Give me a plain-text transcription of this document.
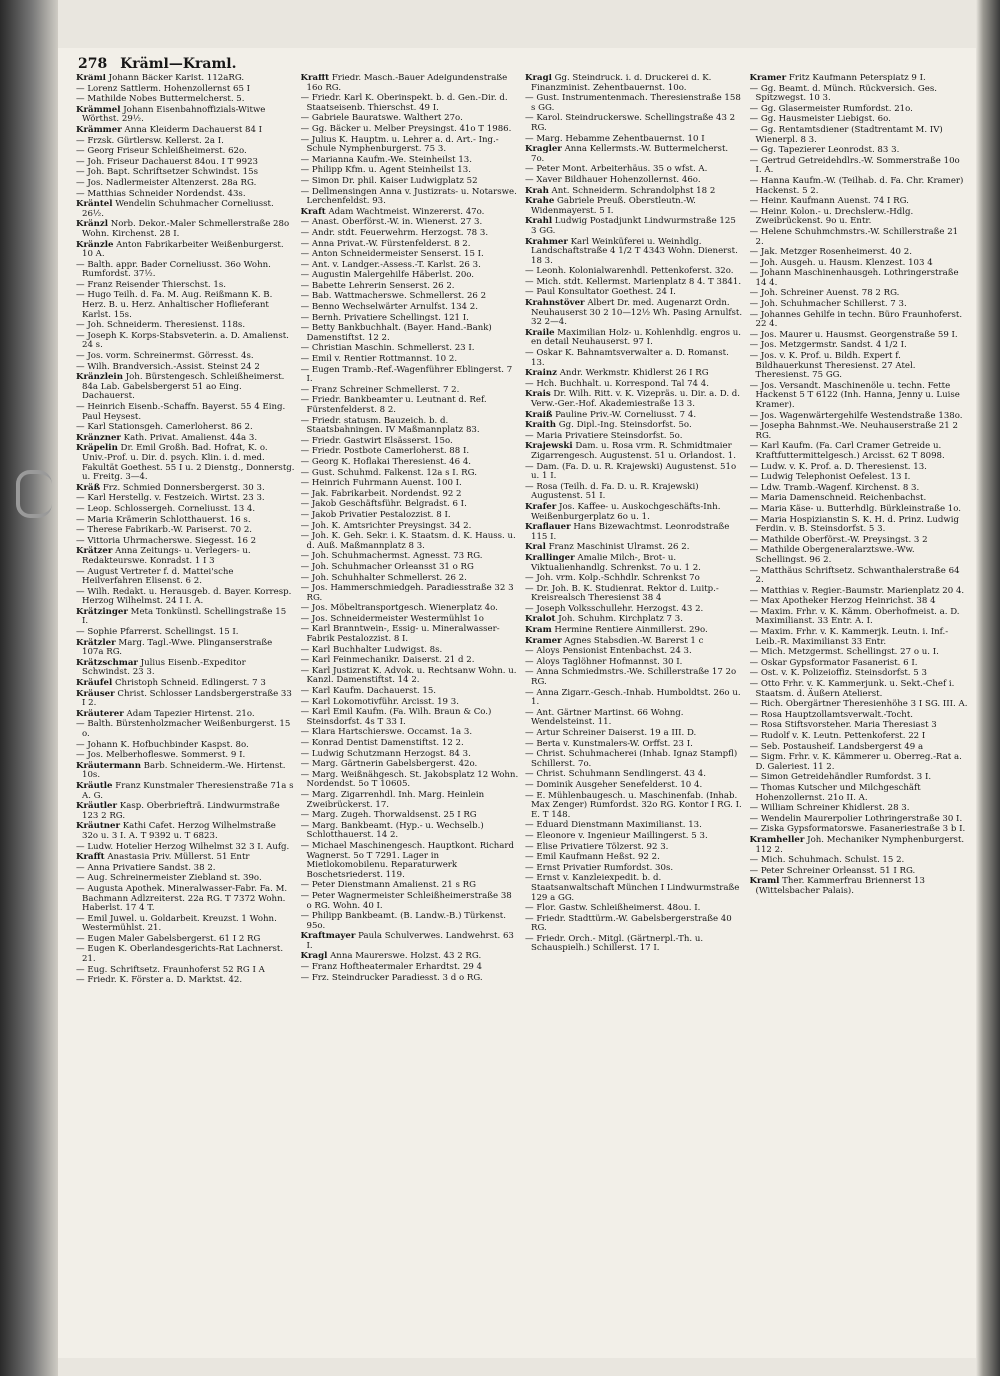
278 Kräml—Kraml.

Kräml Johann Bäcker Karlst. 112aRG.

— Lorenz Sattlerm. Hohenzollernst 65 I

— Mathilde Nobes Buttermelcherst. 5.

Krämmel Johann Eisenbahnoffizials-Witwe Wörthst. 29½.

Krämmer Anna Kleiderm Dachauerst 84 I

— Frzsk. Gürtlersw. Kellerst. 2a I.

— Georg Friseur Schleißheimerst. 62o.

— Joh. Friseur Dachauerst 84ou. I T 9923

— Joh. Bapt. Schriftsetzer Schwindst. 15s

— Jos. Nadlermeister Altenzerst. 28a RG.

— Matthias Schneider Nordendst. 43s.

Kräntel Wendelin Schuhmacher Corneliusst. 26½.

Kränzl Norb. Dekor.-Maler Schmellerstraße 28o Wohn. Kirchenst. 28 I.

Kränzle Anton Fabrikarbeiter Weißenburgerst. 10 A.

— Balth. appr. Bader Corneliusst. 36o Wohn. Rumfordst. 37½.

— Franz Reisender Thierschst. 1s.

— Hugo Teilh. d. Fa. M. Aug. Reißmann K. B. Herz. B. u. Herz. Anhaltischer Hoflieferant Karlst. 15s.

— Joh. Schneiderm. Theresienst. 118s.

— Joseph K. Korps-Stabsveterin. a. D. Amalienst. 24 s.

— Jos. vorm. Schreinermst. Görresst. 4s.

— Wilh. Brandversich.-Assist. Steinst 24 2

Kränzlein Joh. Bürstengesch. Schleißheimerst. 84a Lab. Gabelsbergerst 51 ao Eing. Dachauerst.

— Heinrich Eisenb.-Schaffn. Bayerst. 55 4 Eing. Paul Heysest.

— Karl Stationsgeh. Camerloherst. 86 2.

Kränzner Kath. Privat. Amalienst. 44a 3.

Kräpelin Dr. Emil Großh. Bad. Hofrat, K. o. Univ.-Prof. u. Dir. d. psych. Klin. i. d. med. Fakultät Goethest. 55 I u. 2 Dienstg., Donnerstg. u. Freitg. 3—4.

Kräß Frz. Schmied Donnersbergerst. 30 3.

— Karl Herstellg. v. Festzeich. Wirtst. 23 3.

— Leop. Schlossergeh. Corneliusst. 13 4.

— Maria Krämerin Schlotthauerst. 16 s.

— Therese Fabrikarb.-W. Pariserst. 70 2.

— Vittoria Uhrmacherswe. Siegesst. 16 2

Krätzer Anna Zeitungs- u. Verlegers- u. Redakteurswe. Konradst. 1 I 3

— August Vertreter f. d. Mattei'sche Heilverfahren Elisenst. 6 2.

— Wilh. Redakt. u. Herausgeb. d. Bayer. Korresp. Herzog Wilhelmst. 24 I I. A.

Krätzinger Meta Tonkünstl. Schellingstraße 15 I.

— Sophie Pfarrerst. Schellingst. 15 I.

Krätzler Marg. Tagl.-Wwe. Plinganserstraße 107a RG.

Krätzschmar Julius Eisenb.-Expeditor Schwindst. 23 3.

Kräufel Christoph Schneid. Edlingerst. 7 3

Kräuser Christ. Schlosser Landsbergerstraße 33 I 2.

Kräuterer Adam Tapezier Hirtenst. 21o.

— Balth. Bürstenholzmacher Weißenburgerst. 15 o.

— Johann K. Hofbuchbinder Kaspst. 8o.

— Jos. Melberhofleswe. Sommerst. 9 I.

Kräutermann Barb. Schneiderm.-We. Hirtenst. 10s.

Kräutle Franz Kunstmaler Theresienstraße 71a s A. G.

Kräutler Kasp. Oberbriefträ. Lindwurmstraße 123 2 RG.

Kräutner Kathi Cafet. Herzog Wilhelmstraße 32o u. 3 I. A. T 9392 u. T 6823.

— Ludw. Hotelier Herzog Wilhelmst 32 3 I. Aufg.

Krafft Anastasia Priv. Müllerst. 51 Entr

— Anna Privatiere Sandst. 38 2.

— Aug. Schreinermeister Ziebland st. 39o.

— Augusta Apothek. Mineralwasser-Fabr. Fa. M. Bachmann Adlzreiterst. 22a RG. T 7372 Wohn. Haberlst. 17 4 T.

— Emil Juwel. u. Goldarbeit. Kreuzst. 1 Wohn. Westermühlst. 21.

— Eugen Maler Gabelsbergerst. 61 I 2 RG

— Eugen K. Oberlandesgerichts-Rat Lachnerst. 21.

— Eug. Schriftsetz. Fraunhoferst 52 RG I A

— Friedr. K. Förster a. D. Marktst. 42.

Krafft Friedr. Masch.-Bauer Adelgundenstraße 16o RG.

— Friedr. Karl K. Oberinspekt. b. d. Gen.-Dir. d. Staatseisenb. Thierschst. 49 I.

— Gabriele Bauratswe. Walthert 27o.

— Gg. Bäcker u. Melber Preysingst. 41o T 1986.

— Julius K. Hauptm. u. Lehrer a. d. Art.- Ing.-Schule Nymphenburgerst. 75 3.

— Marianna Kaufm.-We. Steinheilst 13.

— Philipp Kfm. u. Agent Steinheilst 13.

— Simon Dr. phil. Kaiser Ludwigplatz 52

— Dellmensingen Anna v. Justizrats- u. Notarswe. Lerchenfeldst. 93.

Kraft Adam Wachtmeist. Winzererst. 47o.

— Anast. Oberförst.-W. in. Wienerst. 27 3.

— Andr. stdt. Feuerwehrm. Herzogst. 78 3.

— Anna Privat.-W. Fürstenfelderst. 8 2.

— Anton Schneidermeister Senserst. 15 I.

— Ant. v. Landger.-Assess.-T. Karlst. 26 3.

— Augustin Malergehilfe Häberlst. 20o.

— Babette Lehrerin Senserst. 26 2.

— Bab. Wattmacherswe. Schmellerst. 26 2

— Benno Wechselwärter Arnulfst. 134 2.

— Bernh. Privatiere Schellingst. 121 I.

— Betty Bankbuchhalt. (Bayer. Hand.-Bank) Damenstiftst. 12 2.

— Christian Maschin. Schmellerst. 23 I.

— Emil v. Rentier Rottmannst. 10 2.

— Eugen Tramb.-Ref.-Wagenführer Eblingerst. 7 I.

— Franz Schreiner Schmellerst. 7 2.

— Friedr. Bankbeamter u. Leutnant d. Ref. Fürstenfelderst. 8 2.

— Friedr. statusm. Bauzeich. b. d. Staatsbahningen. IV Maßmannplatz 83.

— Friedr. Gastwirt Elsässerst. 15o.

— Friedr. Postbote Camerloherst. 88 I.

— Georg K. Hoflakai Theresienst. 46 4.

— Gust. Schuhmd. Falkenst. 12a s I. RG.

— Heinrich Fuhrmann Auenst. 100 I.

— Jak. Fabrikarbeit. Nordendst. 92 2

— Jakob Geschäftsführ. Belgradst. 6 I.

— Jakob Privatier Pestalozzist. 8 I.

— Joh. K. Amtsrichter Preysingst. 34 2.

— Joh. K. Geh. Sekr. i. K. Staatsm. d. K. Hauss. u. d. Auß. Maßmannplatz 8 3.

— Joh. Schuhmachermst. Agnesst. 73 RG.

— Joh. Schuhmacher Orleansst 31 o RG

— Joh. Schuhhalter Schmellerst. 26 2.

— Jos. Hammerschmiedgeh. Paradiesstraße 32 3 RG.

— Jos. Möbeltransportgesch. Wienerplatz 4o.

— Jos. Schneidermeister Westermühlst 1o

— Karl Branntwein-, Essig- u. Mineralwasser-Fabrik Pestalozzist. 8 I.

— Karl Buchhalter Ludwigst. 8s.

— Karl Feinmechanikr. Daiserst. 21 d 2.

— Karl Justizrat K. Advok. u. Rechtsanw Wohn. u. Kanzl. Damenstiftst. 14 2.

— Karl Kaufm. Dachauerst. 15.

— Karl Lokomotivführ. Arcisst. 19 3.

— Karl Emil Kaufm. (Fa. Wilh. Braun & Co.) Steinsdorfst. 4s T 33 I.

— Klara Hartschierswe. Occamst. 1a 3.

— Konrad Dentist Damenstiftst. 12 2.

— Ludwig Schutzmann Herzogst. 84 3.

— Marg. Gärtnerin Gabelsbergerst. 42o.

— Marg. Weißnähgesch. St. Jakobsplatz 12 Wohn. Nordendst. 5o T 10605.

— Marg. Zigarrenhdl. Inh. Marg. Heinlein Zweibrückerst. 17.

— Marg. Zugeh. Thorwaldsenst. 25 I RG

— Marg. Bankbeamt. (Hyp.- u. Wechselb.) Schlotthauerst. 14 2.

— Michael Maschinengesch. Hauptkont. Richard Wagnerst. 5o T 7291. Lager in Mietlokomobilenu. Reparaturwerk Boschetsriederst. 119.

— Peter Dienstmann Amalienst. 21 s RG

— Peter Wagnermeister Schleißheimerstraße 38 o RG. Wohn. 40 I.

— Philipp Bankbeamt. (B. Landw.-B.) Türkenst. 95o.

Kraftmayer Paula Schulverwes. Landwehrst. 63 I.

Kragl Anna Maurerswe. Holzst. 43 2 RG.

— Franz Hoftheatermaler Erhardtst. 29 4

— Frz. Steindrucker Paradiesst. 3 d o RG.

Kragl Gg. Steindruck. i. d. Druckerei d. K. Finanzminist. Zehentbauernst. 10o.

— Gust. Instrumentenmach. Theresienstraße 158 s GG.

— Karol. Steindruckerswe. Schellingstraße 43 2 RG.

— Marg. Hebamme Zehentbauernst. 10 I

Kragler Anna Kellermsts.-W. Buttermelcherst. 7o.

— Peter Mont. Arbeiterhäus. 35 o wfst. A.

— Xaver Bildhauer Hohenzollernst. 46o.

Krah Ant. Schneiderm. Schrandolphst 18 2

Krahe Gabriele Preuß. Oberstleutn.-W. Widenmayerst. 5 I.

Krahl Ludwig Postadjunkt Lindwurmstraße 125 3 GG.

Krahmer Karl Weinküferei u. Weinhdlg. Landschaftstraße 4 1/2 T 4343 Wohn. Dienerst. 18 3.

— Leonh. Kolonialwarenhdl. Pettenkoferst. 32o.

— Mich. stdt. Kellermst. Marienplatz 8 4. T 3841.

— Paul Konsultator Goethest. 24 I.

Krahnstöver Albert Dr. med. Augenarzt Ordn. Neuhauserst 30 2 10—12½ Wh. Pasing Arnulfst. 32 2—4.

Kraile Maximilian Holz- u. Kohlenhdlg. engros u. en detail Neuhauserst. 97 I.

— Oskar K. Bahnamtsverwalter a. D. Romanst. 13.

Krainz Andr. Werkmstr. Khidlerst 26 I RG

— Hch. Buchhalt. u. Korrespond. Tal 74 4.

Krais Dr. Wilh. Ritt. v. K. Vizepräs. u. Dir. a. D. d. Verw.-Ger.-Hof. Akademiestraße 13 3.

Kraiß Pauline Priv.-W. Corneliusst. 7 4.

Kraith Gg. Dipl.-Ing. Steinsdorfst. 5o.

— Maria Privatiere Steinsdorfst. 5o.

Krajewski Dam. u. Rosa vrm. R. Schmidtmaier Zigarrengesch. Augustenst. 51 u. Orlandost. 1.

— Dam. (Fa. D. u. R. Krajewski) Augustenst. 51o u. 1 I.

— Rosa (Teilh. d. Fa. D. u. R. Krajewski) Augustenst. 51 I.

Krafer Jos. Kaffee- u. Auskochgeschäfts-Inh. Weißenburgerplatz 6o u. 1.

Kraflauer Hans Bizewachtmst. Leonrodstraße 115 I.

Kral Franz Maschinist Ulramst. 26 2.

Krallinger Amalie Milch-, Brot- u. Viktualienhandlg. Schrenkst. 7o u. 1 2.

— Joh. vrm. Kolp.-Schhdlr. Schrenkst 7o

— Dr. Joh. B. K. Studienrat. Rektor d. Luitp.-Kreisrealsch Theresienst 38 4

— Joseph Volksschullehr. Herzogst. 43 2.

Kralot Joh. Schuhm. Kirchplatz 7 3.

Kram Hermine Rentiere Ainmillerst. 29o.

Kramer Agnes Stabsdien.-W. Barerst 1 c

— Aloys Pensionist Entenbachst. 24 3.

— Aloys Taglöhner Hofmannst. 30 I.

— Anna Schmiedmstrs.-We. Schillerstraße 17 2o RG.

— Anna Zigarr.-Gesch.-Inhab. Humboldtst. 26o u. 1.

— Ant. Gärtner Martinst. 66 Wohng. Wendelsteinst. 11.

— Artur Schreiner Daiserst. 19 a III. D.

— Berta v. Kunstmalers-W. Orffst. 23 I.

— Christ. Schuhmacherei (Inhab. Ignaz Stampfl) Schillerst. 7o.

— Christ. Schuhmann Sendlingerst. 43 4.

— Dominik Ausgeher Senefelderst. 10 4.

— E. Mühlenbaugesch. u. Maschinenfab. (Inhab. Max Zenger) Rumfordst. 32o RG. Kontor I RG. I. E. T 148.

— Eduard Dienstmann Maximilianst. 13.

— Eleonore v. Ingenieur Maillingerst. 5 3.

— Elise Privatiere Tölzerst. 92 3.

— Emil Kaufmann Heßst. 92 2.

— Ernst Privatier Rumfordst. 30s.

— Ernst v. Kanzleiexpedit. b. d. Staatsanwaltschaft München I Lindwurmstraße 129 a GG.

— Flor. Gastw. Schleißheimerst. 48ou. I.

— Friedr. Stadttürm.-W. Gabelsbergerstraße 40 RG.

— Friedr. Orch.- Mitgl. (Gärtnerpl.-Th. u. Schauspielh.) Schillerst. 17 I.

Kramer Fritz Kaufmann Petersplatz 9 I.

— Gg. Beamt. d. Münch. Rückversich. Ges. Spitzwegst. 10 3.

— Gg. Glasermeister Rumfordst. 21o.

— Gg. Hausmeister Liebigst. 6o.

— Gg. Rentamtsdiener (Stadtrentamt M. IV) Wienerpl. 8 3.

— Gg. Tapezierer Leonrodst. 83 3.

— Gertrud Getreidehdlrs.-W. Sommerstraße 10o I. A.

— Hanna Kaufm.-W. (Teilhab. d. Fa. Chr. Kramer) Hackenst. 5 2.

— Heinr. Kaufmann Auenst. 74 I RG.

— Heinr. Kolon.- u. Drechslerw.-Hdlg. Zweibrückenst. 9o u. Entr.

— Helene Schuhmchmstrs.-W. Schillerstraße 21 2.

— Jak. Metzger Rosenheimerst. 40 2.

— Joh. Ausgeh. u. Hausm. Klenzest. 103 4

— Johann Maschinenhausgeh. Lothringerstraße 14 4.

— Joh. Schreiner Auenst. 78 2 RG.

— Joh. Schuhmacher Schillerst. 7 3.

— Johannes Gehilfe in techn. Büro Fraunhoferst. 22 4.

— Jos. Maurer u. Hausmst. Georgenstraße 59 I.

— Jos. Metzgermstr. Sandst. 4 1/2 I.

— Jos. v. K. Prof. u. Bildh. Expert f. Bildhauerkunst Theresienst. 27 Atel. Theresienst. 75 GG.

— Jos. Versandt. Maschinenöle u. techn. Fette Hackenst 5 T 6122 (Inh. Hanna, Jenny u. Luise Kramer).

— Jos. Wagenwärtergehilfe Westendstraße 138o.

— Josepha Bahnmst.-We. Neuhauserstraße 21 2 RG.

— Karl Kaufm. (Fa. Carl Cramer Getreide u. Kraftfuttermittelgesch.) Arcisst. 62 T 8098.

— Ludw. v. K. Prof. a. D. Theresienst. 13.

— Ludwig Telephonist Oefelest. 13 I.

— Ldw. Tramb.-Wagenf. Kirchenst. 8 3.

— Maria Damenschneid. Reichenbachst.

— Maria Käse- u. Butterhdlg. Bürkleinstraße 1o.

— Maria Hospizianstin S. K. H. d. Prinz. Ludwig Ferdin. v. B. Steinsdorfst. 5 3.

— Mathilde Oberförst.-W. Preysingst. 3 2

— Mathilde Obergeneralarztswe.-Ww. Schellingst. 96 2.

— Matthäus Schriftsetz. Schwanthalerstraße 64 2.

— Matthias v. Regier.-Baumstr. Marienplatz 20 4.

— Max Apotheker Herzog Heinrichst. 38 4

— Maxim. Frhr. v. K. Kämm. Oberhofmeist. a. D. Maximilianst. 33 Entr. A. I.

— Maxim. Frhr. v. K. Kammerjk. Leutn. i. Inf.-Leib.-R. Maximilianst 33 Entr.

— Mich. Metzgermst. Schellingst. 27 o u. I.

— Oskar Gypsformator Fasanerist. 6 I.

— Ost. v. K. Polizeioffiz. Steinsdorfst. 5 3

— Otto Frhr. v. K. Kammerjunk. u. Sekt.-Chef i. Staatsm. d. Äußern Atelierst.

— Rich. Obergärtner Theresienhöhe 3 I SG. III. A.

— Rosa Hauptzollamtsverwalt.-Tocht.

— Rosa Stiftsvorsteher. Maria Theresiast 3

— Rudolf v. K. Leutn. Pettenkoferst. 22 I

— Seb. Postausheif. Landsbergerst 49 a

— Sigm. Frhr. v. K. Kämmerer u. Oberreg.-Rat a. D. Galeriest. 11 2.

— Simon Getreidehändler Rumfordst. 3 I.

— Thomas Kutscher und Milchgeschäft Hohenzollernst. 21o II. A.

— William Schreiner Khidlerst. 28 3.

— Wendelin Maurerpolier Lothringerstraße 30 I.

— Ziska Gypsformatorswe. Fasaneriestraße 3 b I.

Kramheller Joh. Mechaniker Nymphenburgerst. 112 2.

— Mich. Schuhmach. Schulst. 15 2.

— Peter Schreiner Orleansst. 51 I RG.

Kraml Ther. Kammerfrau Briennerst 13 (Wittelsbacher Palais).
